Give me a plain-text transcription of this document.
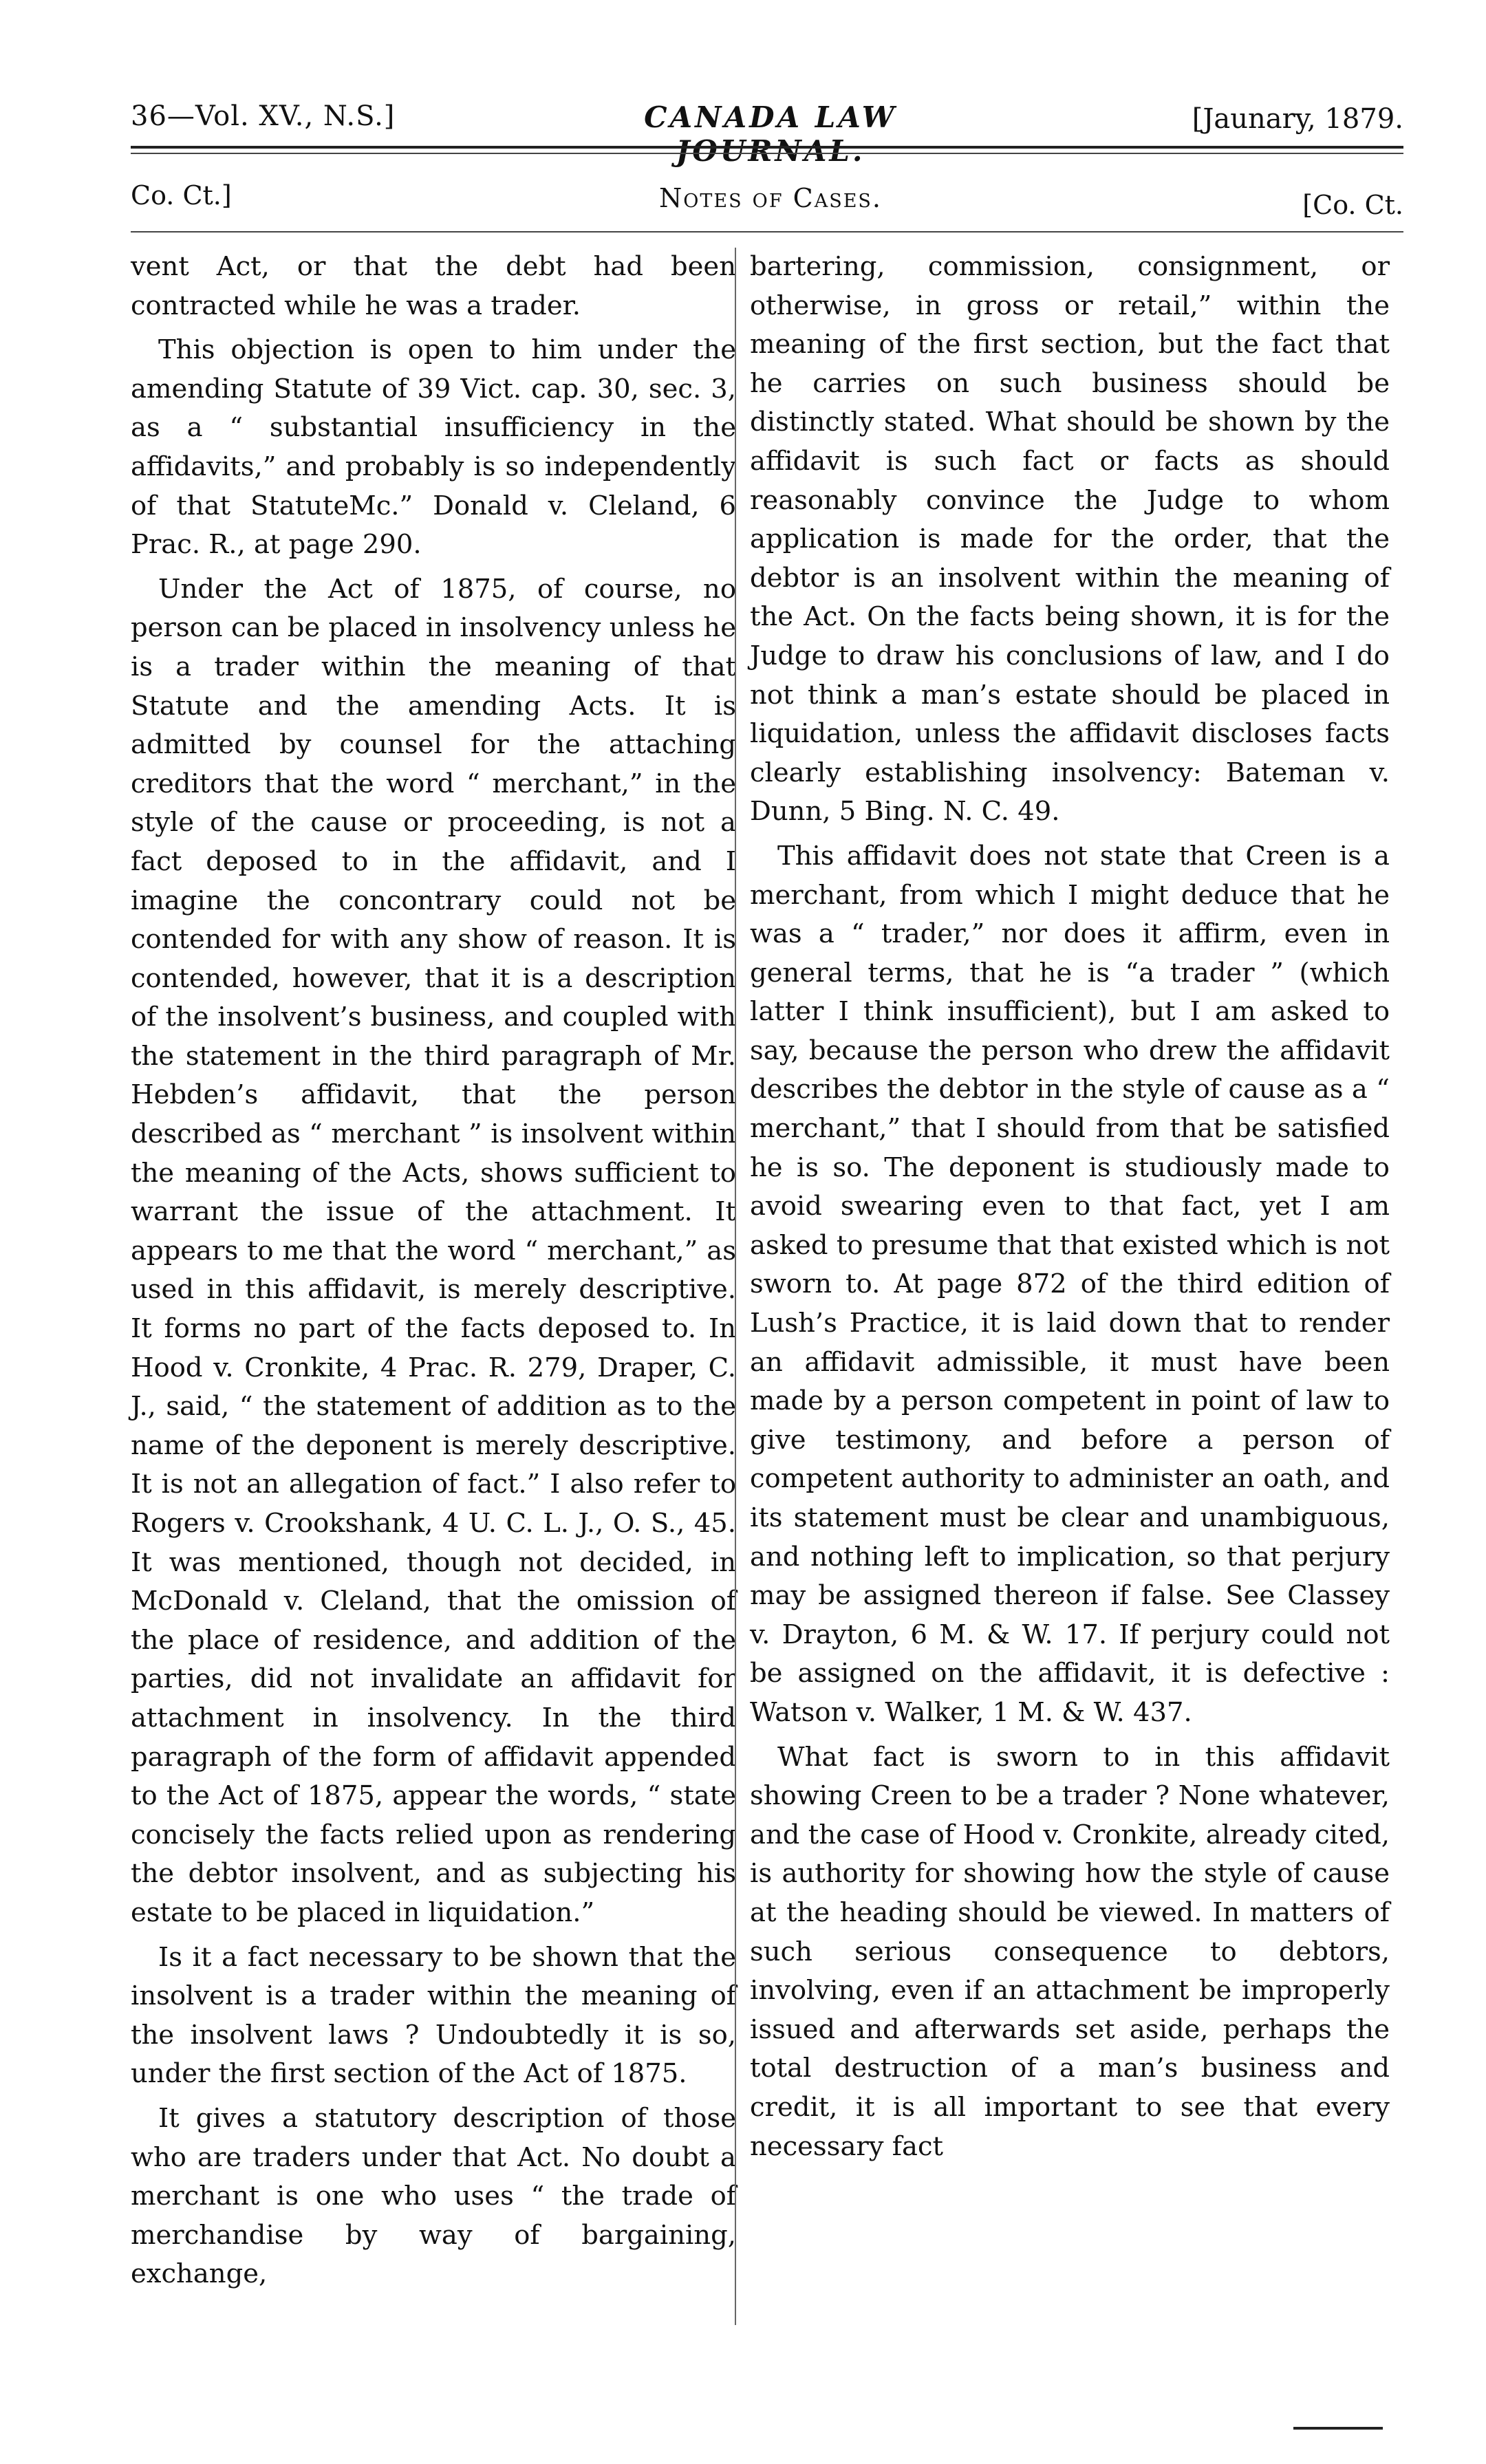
36—Vol. XV., N.S.]	CANADA LAW JOURNAL.
[Jaunary, 1879.
Co. Ct.]	Notes of Cases.	[Co. Ct.

vent Act, or that the debt had been contracted while he was a trader.

This objection is open to him under the amending Statute of 39 Vict. cap. 30, sec. 3, as a “ substantial insufficiency in the affidavits,” and probably is so independently of that StatuteMc.” Donald v. Cleland, 6 Prac. R., at page 290.

Under the Act of 1875, of course, no person can be placed in insolvency unless he is a trader within the meaning of that Statute and the amending Acts. It is admitted by counsel for the attaching creditors that the word “ merchant,” in the style of the cause or proceeding, is not a fact deposed to in the affidavit, and I imagine the concontrary could not be contended for with any show of reason. It is contended, however, that it is a description of the insolvent’s business, and coupled with the statement in the third paragraph of Mr. Hebden’s affidavit, that the person described as “ merchant ” is insolvent within the meaning of the Acts, shows sufficient to warrant the issue of the attachment. It appears to me that the word “ merchant,” as used in this affidavit, is merely descriptive. It forms no part of the facts deposed to. In Hood v. Cronkite, 4 Prac. R. 279, Draper, C. J., said, “ the statement of addition as to the name of the deponent is merely descriptive. It is not an allegation of fact.” I also refer to Rogers v. Crookshank, 4 U. C. L. J., O. S., 45. It was mentioned, though not decided, in McDonald v. Cleland, that the omission of the place of residence, and addition of the parties, did not invalidate an affidavit for attachment in insolvency. In the third paragraph of the form of affidavit appended to the Act of 1875, appear the words, “ state concisely the facts relied upon as rendering the debtor insolvent, and as subjecting his estate to be placed in liquidation.”

Is it a fact necessary to be shown that the insolvent is a trader within the meaning of the insolvent laws ? Undoubtedly it is so, under the first section of the Act of 1875.

It gives a statutory description of those who are traders under that Act. No doubt a merchant is one who uses “ the trade of merchandise by way of bargaining, exchange,

bartering, commission, consignment, or otherwise, in gross or retail,” within the meaning of the first section, but the fact that he carries on such business should be distinctly stated. What should be shown by the affidavit is such fact or facts as should reasonably convince the Judge to whom application is made for the order, that the debtor is an insolvent within the meaning of the Act. On the facts being shown, it is for the Judge to draw his conclusions of law, and I do not think a man’s estate should be placed in liquidation, unless the affidavit discloses facts clearly establishing insolvency: Bateman v. Dunn, 5 Bing. N. C. 49.

This affidavit does not state that Creen is a merchant, from which I might deduce that he was a “ trader,” nor does it affirm, even in general terms, that he is “a trader ” (which latter I think insufficient), but I am asked to say, because the person who drew the affidavit describes the debtor in the style of cause as a “ merchant,” that I should from that be satisfied he is so. The deponent is studiously made to avoid swearing even to that fact, yet I am asked to presume that that existed which is not sworn to. At page 872 of the third edition of Lush’s Practice, it is laid down that to render an affidavit admissible, it must have been made by a person competent in point of law to give testimony, and before a person of competent authority to administer an oath, and its statement must be clear and unambiguous, and nothing left to implication, so that perjury may be assigned thereon if false. See Classey v. Drayton, 6 M. & W. 17. If perjury could not be assigned on the affidavit, it is defective : Watson v. Walker, 1 M. & W. 437.

What fact is sworn to in this affidavit showing Creen to be a trader ? None whatever, and the case of Hood v. Cronkite, already cited, is authority for showing how the style of cause at the heading should be viewed. In matters of such serious consequence to debtors, involving, even if an attachment be improperly issued and afterwards set aside, perhaps the total destruction of a man’s business and credit, it is all important to see that every necessary fact
